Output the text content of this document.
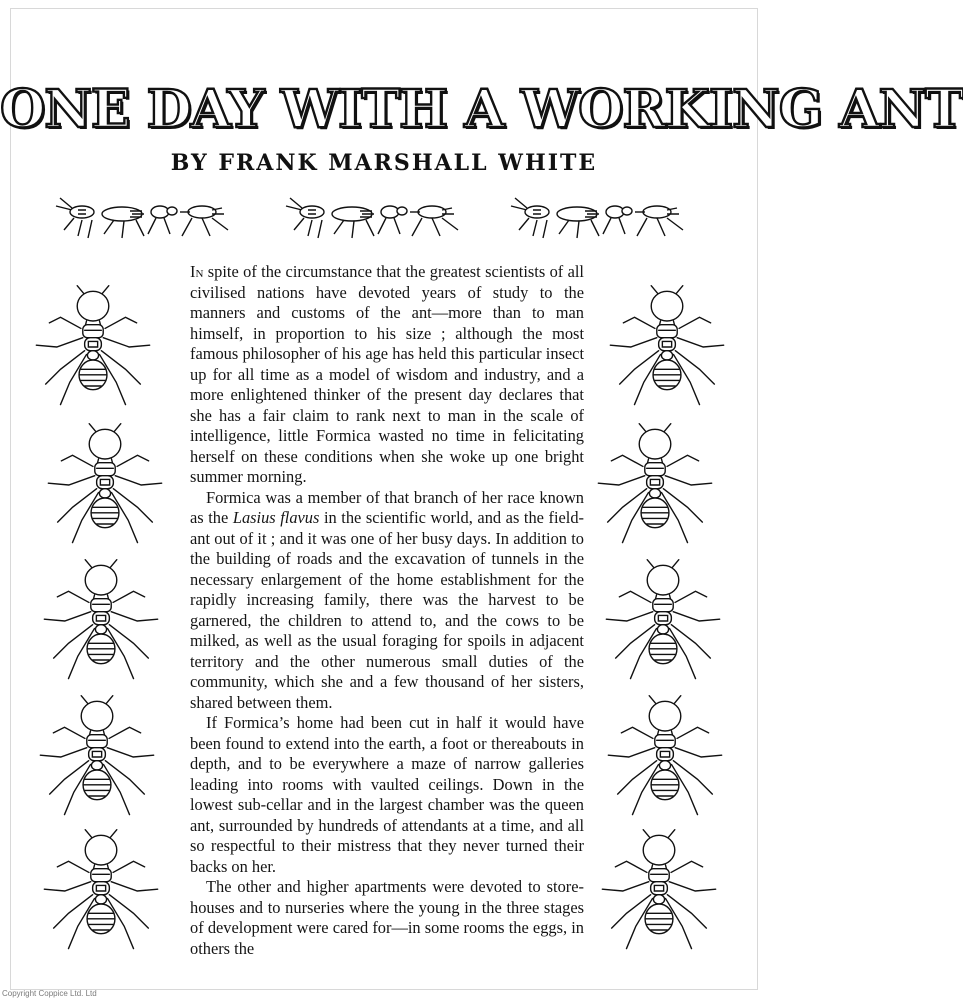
ONE DAY WITH A WORKING ANT
BY FRANK MARSHALL WHITE

In spite of the circumstance that the greatest scientists of all civilised nations have devoted years of study to the manners and customs of the ant—more than to man himself, in proportion to his size ; although the most famous philosopher of his age has held this particular insect up for all time as a model of wisdom and industry, and a more enlightened thinker of the present day declares that she has a fair claim to rank next to man in the scale of intelligence, little Formica wasted no time in felicitating herself on these conditions when she woke up one bright summer morning.

Formica was a member of that branch of her race known as the Lasius flavus in the scientific world, and as the field-ant out of it ; and it was one of her busy days. In addition to the building of roads and the excavation of tunnels in the necessary enlargement of the home establishment for the rapidly increasing family, there was the harvest to be garnered, the children to attend to, and the cows to be milked, as well as the usual foraging for spoils in adjacent territory and the other numerous small duties of the community, which she and a few thousand of her sisters, shared between them.

If Formica’s home had been cut in half it would have been found to extend into the earth, a foot or thereabouts in depth, and to be everywhere a maze of narrow galleries leading into rooms with vaulted ceilings. Down in the lowest sub-cellar and in the largest chamber was the queen ant, surrounded by hundreds of attendants at a time, and all so respectful to their mistress that they never turned their backs on her.

The other and higher apartments were devoted to store-houses and to nurseries where the young in the three stages of development were cared for—in some rooms the eggs, in others the

Copyright Coppice Ltd. Ltd
